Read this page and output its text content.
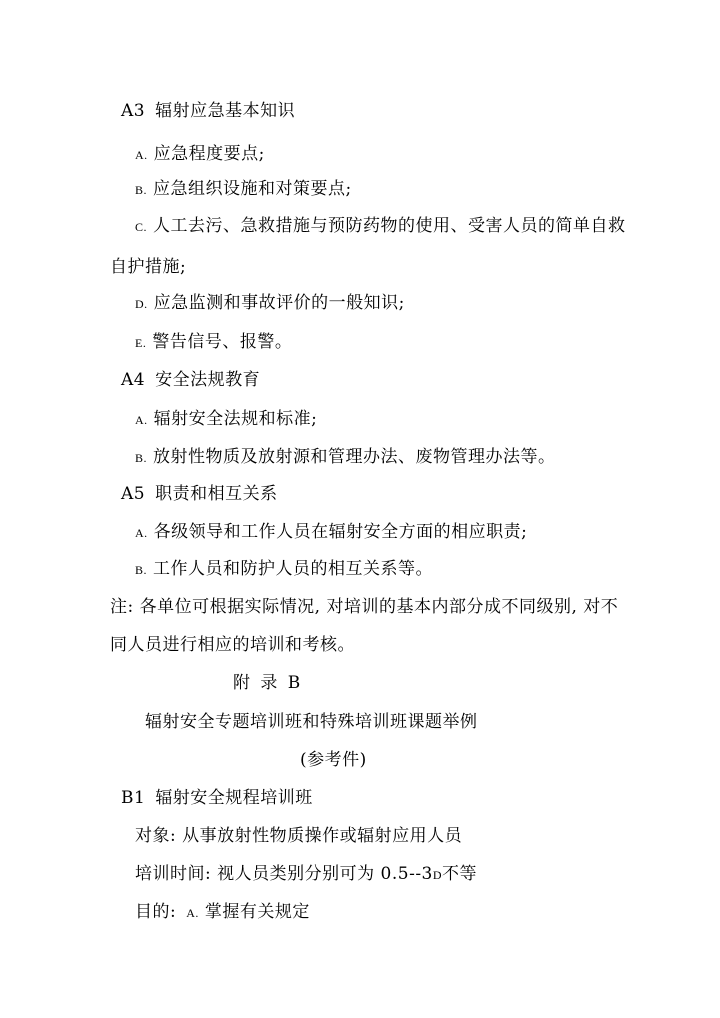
A3 辐射应急基本知识
A. 应急程度要点;
B. 应急组织设施和对策要点;
C. 人工去污、急救措施与预防药物的使用、受害人员的简单自救
自护措施;
D. 应急监测和事故评价的一般知识;
E. 警告信号、报警。
A4 安全法规教育
A. 辐射安全法规和标准;
B. 放射性物质及放射源和管理办法、废物管理办法等。
A5 职责和相互关系
A. 各级领导和工作人员在辐射安全方面的相应职责;
B. 工作人员和防护人员的相互关系等。
注: 各单位可根据实际情况, 对培训的基本内部分成不同级别, 对不
同人员进行相应的培训和考核。
附 录 B
辐射安全专题培训班和特殊培训班课题举例
(参考件)
B1 辐射安全规程培训班
对象: 从事放射性物质操作或辐射应用人员
培训时间: 视人员类别分别可为 0.5--3D不等
目的: A. 掌握有关规定
